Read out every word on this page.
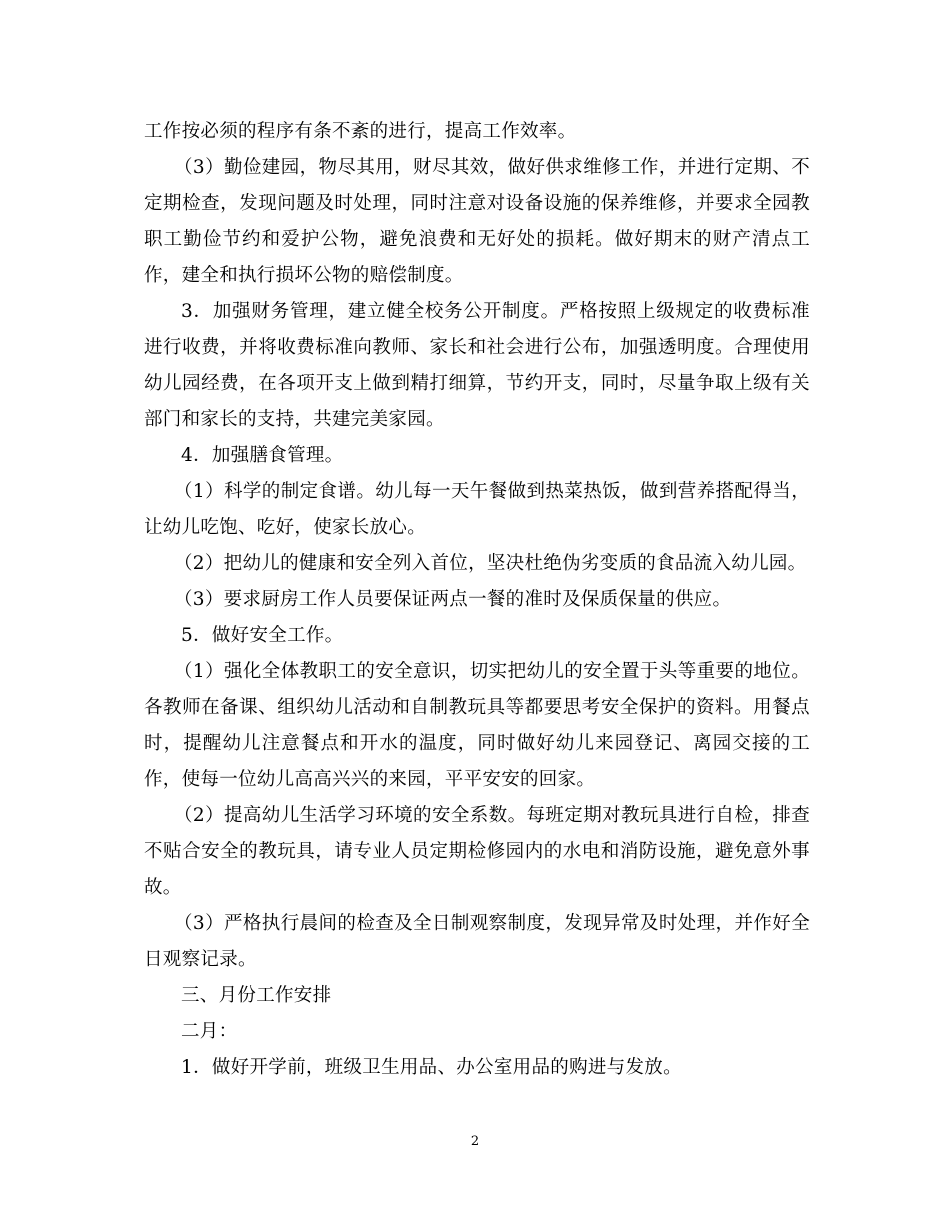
工作按必须的程序有条不紊的进行，提高工作效率。

（3）勤俭建园，物尽其用，财尽其效，做好供求维修工作，并进行定期、不定期检查，发现问题及时处理，同时注意对设备设施的保养维修，并要求全园教职工勤俭节约和爱护公物，避免浪费和无好处的损耗。做好期末的财产清点工作，建全和执行损坏公物的赔偿制度。

3．加强财务管理，建立健全校务公开制度。严格按照上级规定的收费标准进行收费，并将收费标准向教师、家长和社会进行公布，加强透明度。合理使用幼儿园经费，在各项开支上做到精打细算，节约开支，同时，尽量争取上级有关部门和家长的支持，共建完美家园。

4．加强膳食管理。

（1）科学的制定食谱。幼儿每一天午餐做到热菜热饭，做到营养搭配得当，让幼儿吃饱、吃好，使家长放心。

（2）把幼儿的健康和安全列入首位，坚决杜绝伪劣变质的食品流入幼儿园。

（3）要求厨房工作人员要保证两点一餐的准时及保质保量的供应。

5．做好安全工作。

（1）强化全体教职工的安全意识，切实把幼儿的安全置于头等重要的地位。各教师在备课、组织幼儿活动和自制教玩具等都要思考安全保护的资料。用餐点时，提醒幼儿注意餐点和开水的温度，同时做好幼儿来园登记、离园交接的工作，使每一位幼儿高高兴兴的来园，平平安安的回家。

（2）提高幼儿生活学习环境的安全系数。每班定期对教玩具进行自检，排查不贴合安全的教玩具，请专业人员定期检修园内的水电和消防设施，避免意外事故。

（3）严格执行晨间的检查及全日制观察制度，发现异常及时处理，并作好全日观察记录。

三、月份工作安排

二月：

1．做好开学前，班级卫生用品、办公室用品的购进与发放。

2
